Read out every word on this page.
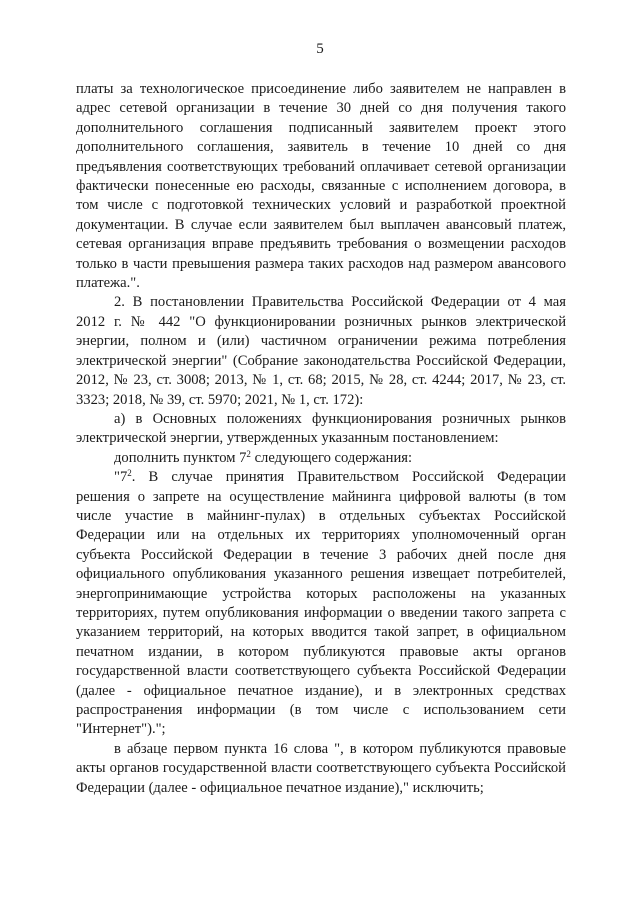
5

платы за технологическое присоединение либо заявителем не направлен в адрес сетевой организации в течение 30 дней со дня получения такого дополнительного соглашения подписанный заявителем проект этого дополнительного соглашения, заявитель в течение 10 дней со дня предъявления соответствующих требований оплачивает сетевой организации фактически понесенные ею расходы, связанные с исполнением договора, в том числе с подготовкой технических условий и разработкой проектной документации. В случае если заявителем был выплачен авансовый платеж, сетевая организация вправе предъявить требования о возмещении расходов только в части превышения размера таких расходов над размером авансового платежа.".

2. В постановлении Правительства Российской Федерации от 4 мая 2012 г. № 442 "О функционировании розничных рынков электрической энергии, полном и (или) частичном ограничении режима потребления электрической энергии" (Собрание законодательства Российской Федерации, 2012, № 23, ст. 3008; 2013, № 1, ст. 68; 2015, № 28, ст. 4244; 2017, № 23, ст. 3323; 2018, № 39, ст. 5970; 2021, № 1, ст. 172):

а) в Основных положениях функционирования розничных рынков электрической энергии, утвержденных указанным постановлением:

дополнить пунктом $7^2$ следующего содержания:

"$7^2$. В случае принятия Правительством Российской Федерации решения о запрете на осуществление майнинга цифровой валюты (в том числе участие в майнинг-пулах) в отдельных субъектах Российской Федерации или на отдельных их территориях уполномоченный орган субъекта Российской Федерации в течение 3 рабочих дней после дня официального опубликования указанного решения извещает потребителей, энергопринимающие устройства которых расположены на указанных территориях, путем опубликования информации о введении такого запрета с указанием территорий, на которых вводится такой запрет, в официальном печатном издании, в котором публикуются правовые акты органов государственной власти соответствующего субъекта Российской Федерации (далее - официальное печатное издание), и в электронных средствах распространения информации (в том числе с использованием сети "Интернет").";

в абзаце первом пункта 16 слова ", в котором публикуются правовые акты органов государственной власти соответствующего субъекта Российской Федерации (далее - официальное печатное издание)," исключить;
